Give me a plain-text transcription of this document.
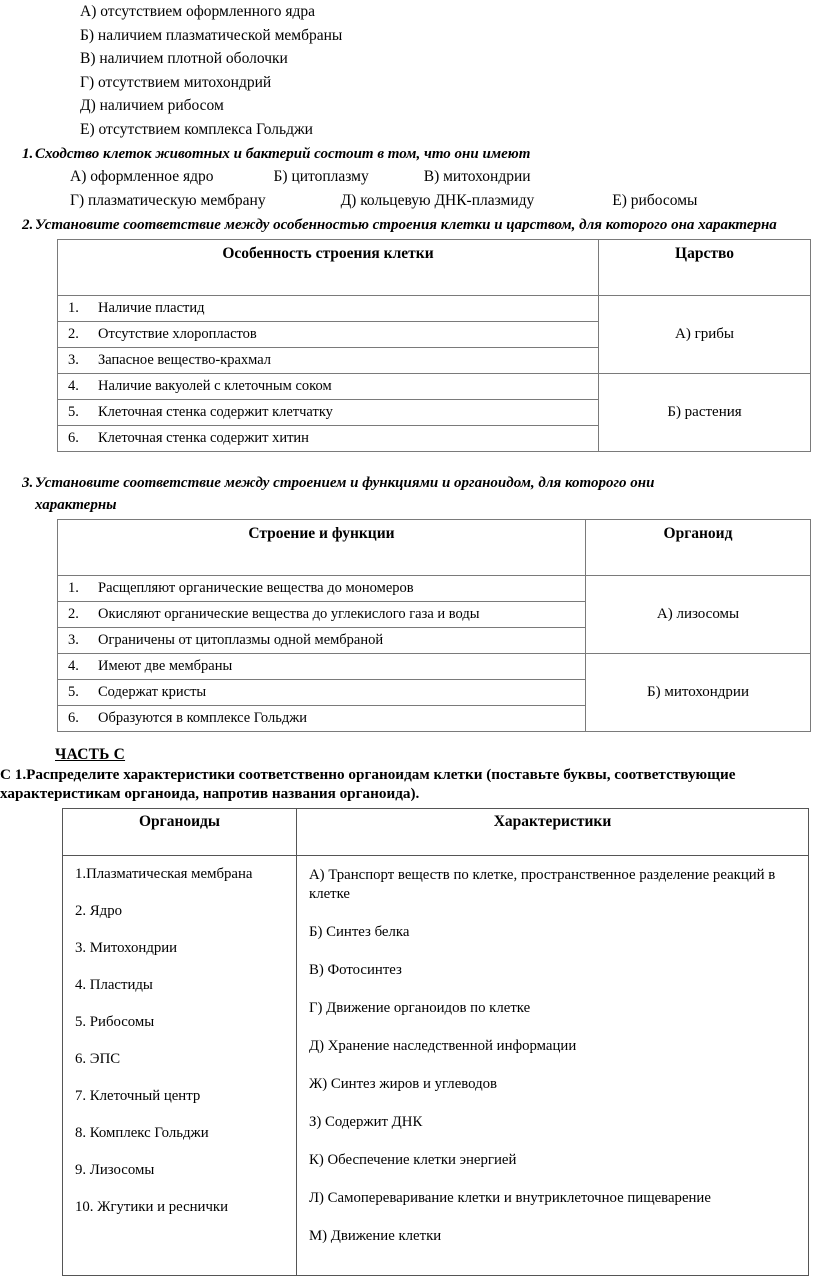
А) отсутствием оформленного ядра
Б) наличием плазматической мембраны
В) наличием плотной оболочки
Г) отсутствием митохондрий
Д) наличием рибосом
Е) отсутствием комплекса Гольджи
1. Сходство клеток животных и бактерий состоит в том, что они имеют
А) оформленное ядро	Б) цитоплазму	В) митохондрии
Г) плазматическую мембрану	Д) кольцевую ДНК-плазмиду	Е) рибосомы
2. Установите соответствие между особенностью строения клетки и царством, для которого она характерна
Особенность строения клетки	Царство
1. Наличие пластид	А) грибы
2. Отсутствие хлоропластов	
3. Запасное вещество-крахмал	
4. Наличие вакуолей с клеточным соком	Б) растения
5. Клеточная стенка содержит клетчатку	
6. Клеточная стенка содержит хитин	
3. Установите соответствие между строением и функциями и органоидом, для которого они характерны
Строение и функции	Органоид
1. Расщепляют органические вещества до мономеров	А) лизосомы
2. Окисляют органические вещества до углекислого газа и воды	
3. Ограничены от цитоплазмы одной мембраной	
4. Имеют две мембраны	Б) митохондрии
5. Содержат кристы	
6. Образуются в комплексе Гольджи	
ЧАСТЬ С
С 1.Распределите характеристики соответственно органоидам клетки (поставьте буквы, соответствующие характеристикам органоида, напротив названия органоида).
Органоиды	Характеристики

1.Плазматическая мембрана
2. Ядро
3. Митохондрии
4. Пластиды
5. Рибосомы
6. ЭПС
7. Клеточный центр
8. Комплекс Гольджи
9. Лизосомы
10. Жгутики и реснички

А) Транспорт веществ по клетке, пространственное разделение реакций в клетке
Б) Синтез белка
В) Фотосинтез
Г) Движение органоидов по клетке
Д) Хранение наследственной информации
Ж) Синтез жиров и углеводов
З) Содержит ДНК
К) Обеспечение клетки энергией
Л) Самопереваривание клетки и внутриклеточное пищеварение
М) Движение клетки
